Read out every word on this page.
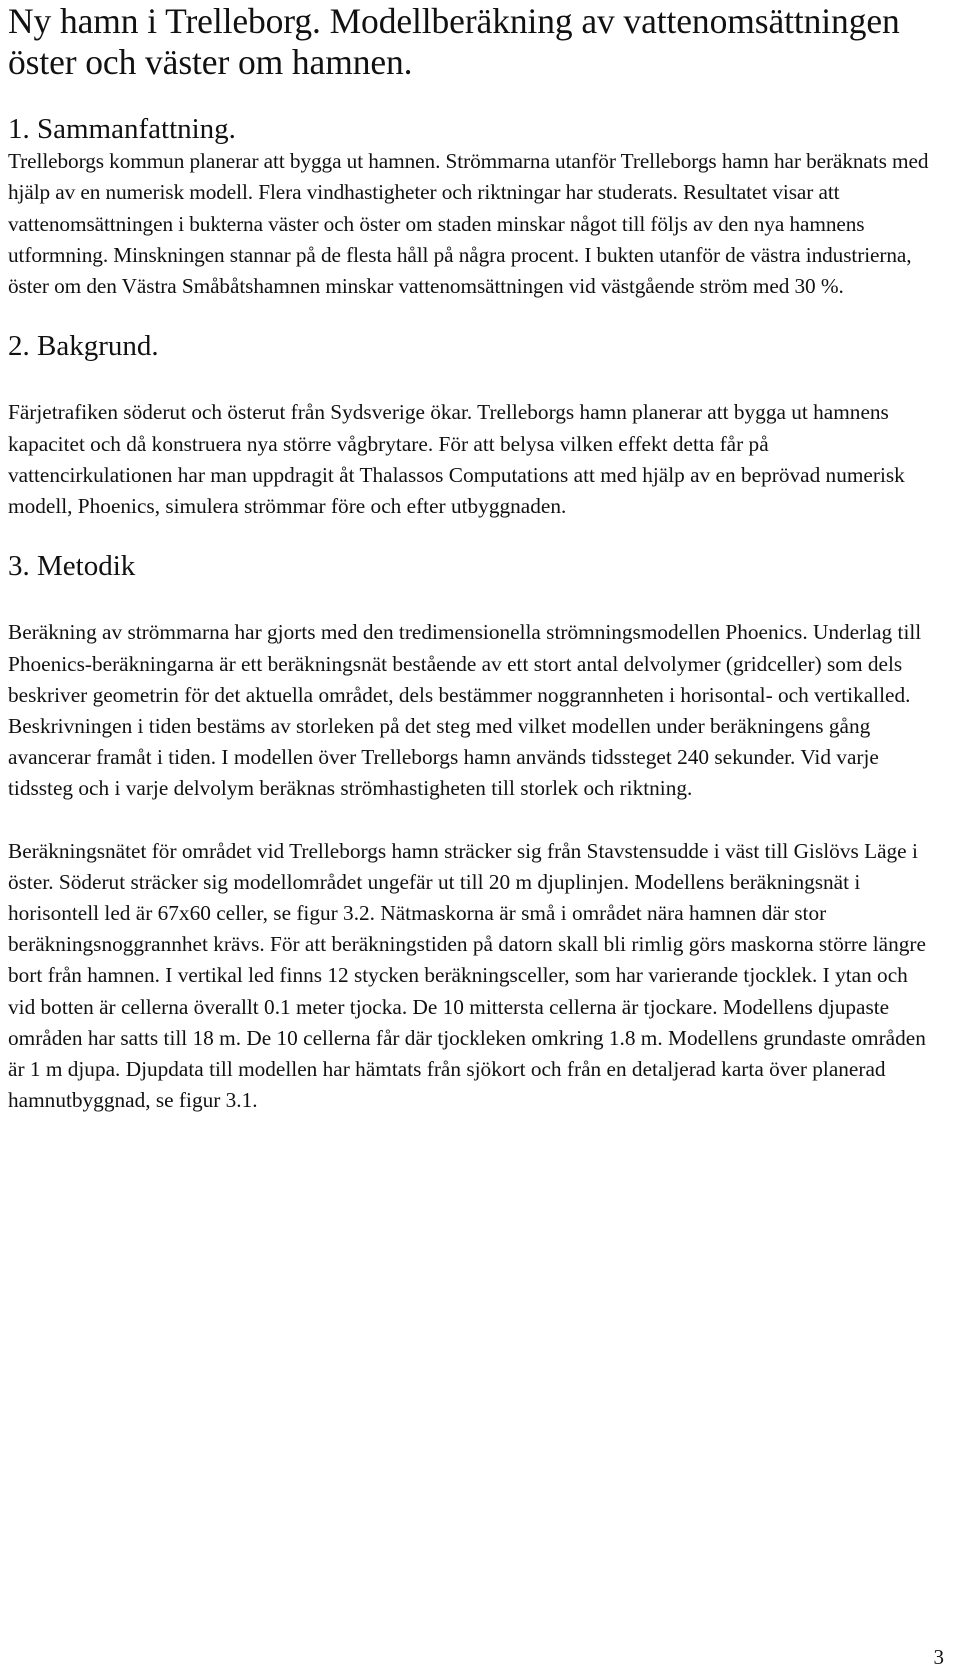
Ny hamn i Trelleborg. Modellberäkning av vattenomsättningen öster och väster om hamnen.
1. Sammanfattning.

Trelleborgs kommun planerar att bygga ut hamnen. Strömmarna utanför Trelleborgs hamn har beräknats med hjälp av en numerisk modell. Flera vindhastigheter och riktningar har studerats. Resultatet visar att vattenomsättningen i bukterna väster och öster om staden minskar något till följs av den nya hamnens utformning. Minskningen stannar på de flesta håll på några procent. I bukten utanför de västra industrierna, öster om den Västra Småbåtshamnen minskar vattenomsättningen vid västgående ström med 30 %.

2. Bakgrund.

Färjetrafiken söderut och österut från Sydsverige ökar. Trelleborgs hamn planerar att bygga ut hamnens kapacitet och då konstruera nya större vågbrytare. För att belysa vilken effekt detta får på vattencirkulationen har man uppdragit åt Thalassos Computations att med hjälp av en beprövad numerisk modell, Phoenics, simulera strömmar före och efter utbyggnaden.

3. Metodik

Beräkning av strömmarna har gjorts med den tredimensionella strömningsmodellen Phoenics. Underlag till Phoenics-beräkningarna är ett beräkningsnät bestående av ett stort antal delvolymer (gridceller) som dels beskriver geometrin för det aktuella området, dels bestämmer noggrannheten i horisontal- och vertikalled. Beskrivningen i tiden bestäms av storleken på det steg med vilket modellen under beräkningens gång avancerar framåt i tiden. I modellen över Trelleborgs hamn används tidssteget 240 sekunder. Vid varje tidssteg och i varje delvolym beräknas strömhastigheten till storlek och riktning.

Beräkningsnätet för området vid Trelleborgs hamn sträcker sig från Stavstensudde i väst till Gislövs Läge i öster. Söderut sträcker sig modellområdet ungefär ut till 20 m djuplinjen. Modellens beräkningsnät i horisontell led är 67x60 celler, se figur 3.2. Nätmaskorna är små i området nära hamnen där stor beräkningsnoggrannhet krävs. För att beräkningstiden på datorn skall bli rimlig görs maskorna större längre bort från hamnen. I vertikal led finns 12 stycken beräkningsceller, som har varierande tjocklek. I ytan och vid botten är cellerna överallt 0.1 meter tjocka. De 10 mittersta cellerna är tjockare. Modellens djupaste områden har satts till 18 m. De 10 cellerna får där tjockleken omkring 1.8 m. Modellens grundaste områden är 1 m djupa. Djupdata till modellen har hämtats från sjökort och från en detaljerad karta över planerad hamnutbyggnad, se figur 3.1.

3
